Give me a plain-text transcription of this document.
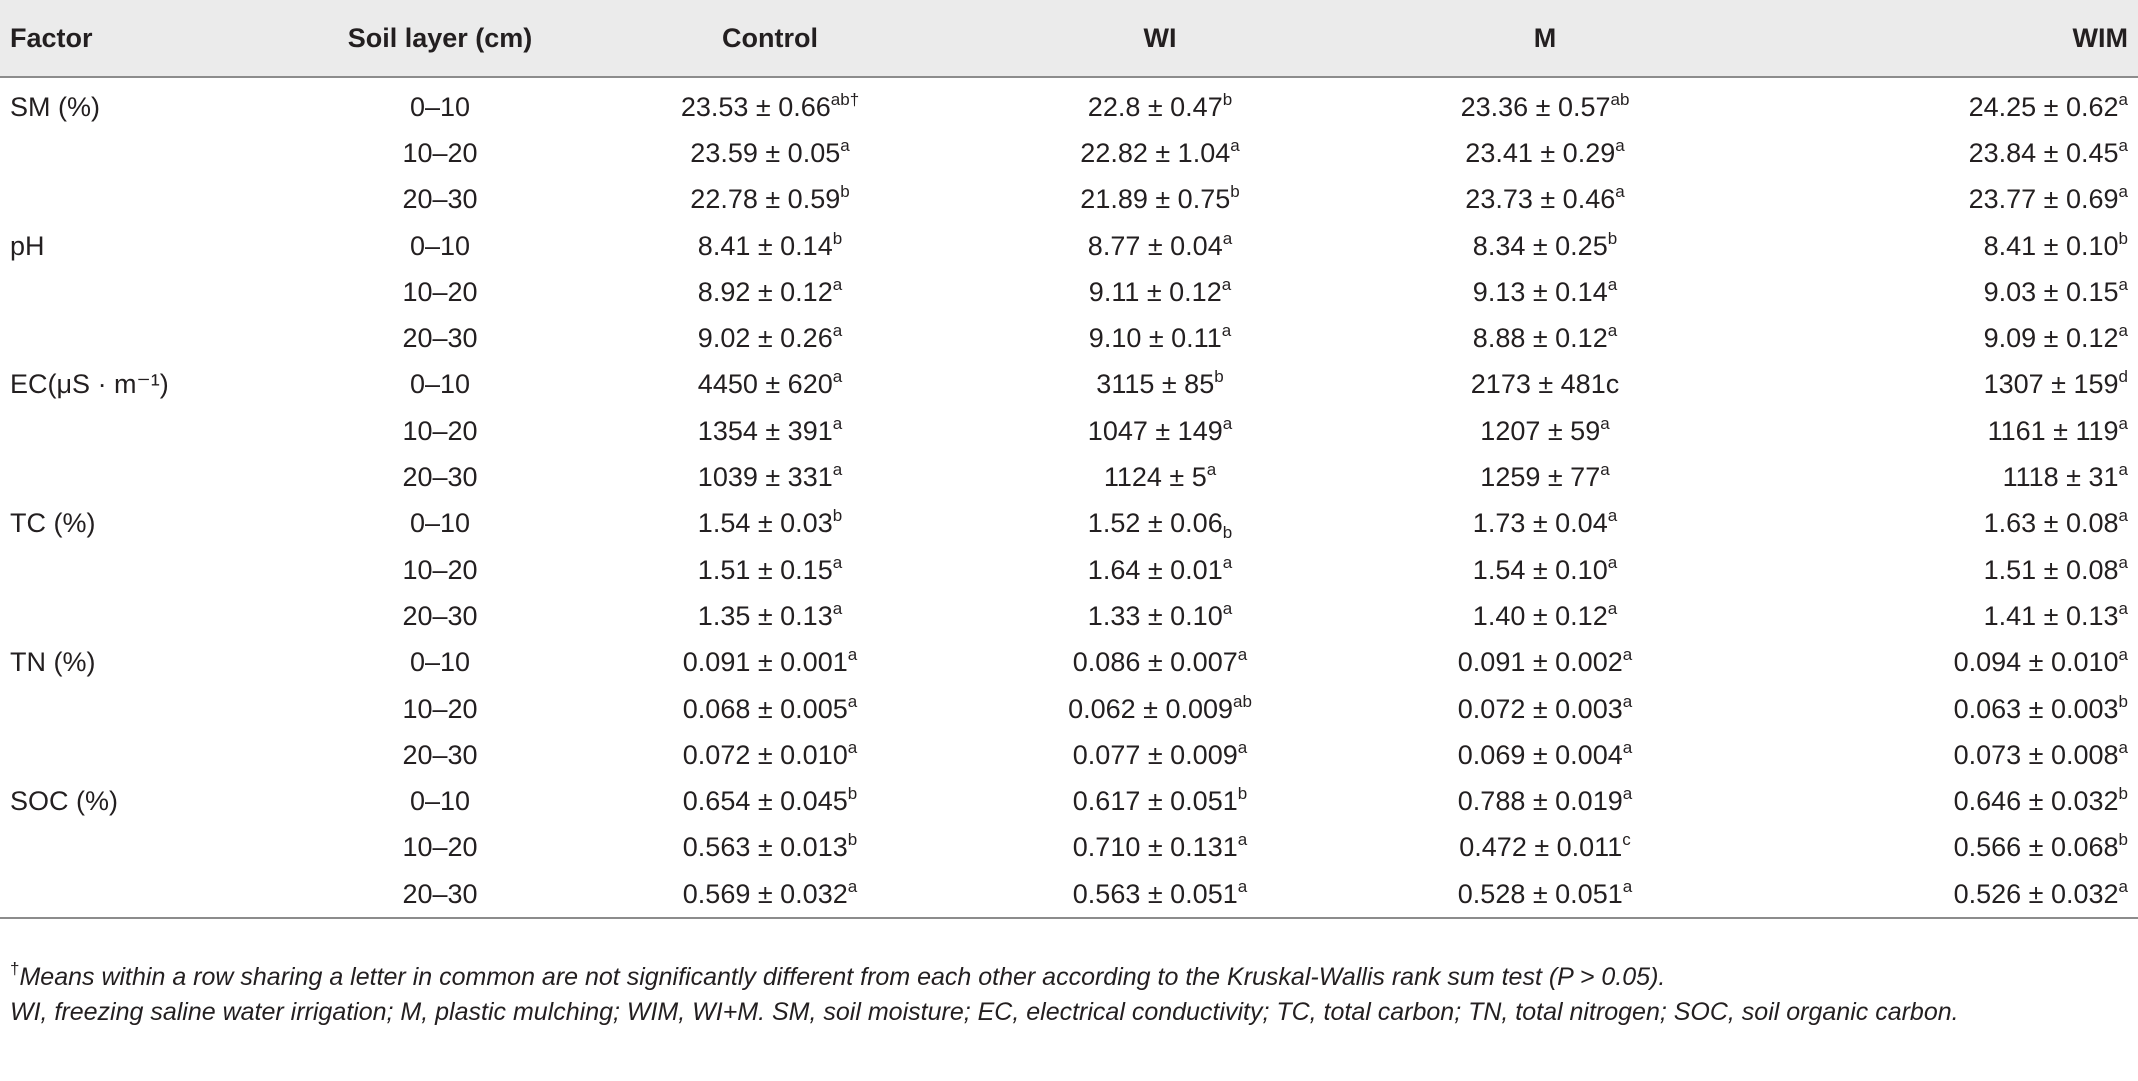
Factor	Soil layer (cm)	Control	WI	M	WIM
SM (%)	0–10	$23.53 \pm 0.66^{ab\dagger}$	22.8 ± 0.47$^b$	23.36 ± 0.57$^{ab}$	24.25 ± 0.62$^a$
	10–20	23.59 ± 0.05$^a$	22.82 ± 1.04$^a$	23.41 ± 0.29$^a$	23.84 ± 0.45$^a$
	20–30	22.78 ± 0.59$^b$	21.89 ± 0.75$^b$	23.73 ± 0.46$^a$	23.77 ± 0.69$^a$
pH	0–10	8.41 ± 0.14$^b$	8.77 ± 0.04$^a$	8.34 ± 0.25$^b$	8.41 ± 0.10$^b$
	10–20	8.92 ± 0.12$^a$	9.11 ± 0.12$^a$	9.13 ± 0.14$^a$	9.03 ± 0.15$^a$
	20–30	9.02 ± 0.26$^a$	9.10 ± 0.11$^a$	8.88 ± 0.12$^a$	9.09 ± 0.12$^a$
EC(μS · m⁻¹)	0–10	$4450 \pm 620^a$	$3115 \pm 85^b$	2173 ± 481c	$1307 \pm 159^d$
	10–20	$1354 \pm 391^a$	$1047 \pm 149^a$	$1207 \pm 59^a$	$1161 \pm 119^a$
	20–30	$1039 \pm 331^a$	$1124 \pm 5^a$	$1259 \pm 77^a$	$1118 \pm 31^a$
TC (%)	0–10	1.54 ± 0.03$^b$	$1.52 \pm 0.06_b$	1.73 ± 0.04$^a$	1.63 ± 0.08$^a$
	10–20	1.51 ± 0.15$^a$	1.64 ± 0.01$^a$	1.54 ± 0.10$^a$	1.51 ± 0.08$^a$
	20–30	1.35 ± 0.13$^a$	1.33 ± 0.10$^a$	1.40 ± 0.12$^a$	1.41 ± 0.13$^a$
TN (%)	0–10	0.091 ± 0.001$^a$	0.086 ± 0.007$^a$	0.091 ± 0.002$^a$	0.094 ± 0.010$^a$
	10–20	0.068 ± 0.005$^a$	0.062 ± 0.009$^{ab}$	0.072 ± 0.003$^a$	0.063 ± 0.003$^b$
	20–30	0.072 ± 0.010$^a$	0.077 ± 0.009$^a$	0.069 ± 0.004$^a$	0.073 ± 0.008$^a$
SOC (%)	0–10	0.654 ± 0.045$^b$	0.617 ± 0.051$^b$	0.788 ± 0.019$^a$	0.646 ± 0.032$^b$
	10–20	0.563 ± 0.013$^b$	0.710 ± 0.131$^a$	0.472 ± 0.011$^c$	0.566 ± 0.068$^b$
	20–30	0.569 ± 0.032$^a$	0.563 ± 0.051$^a$	0.528 ± 0.051$^a$	0.526 ± 0.032$^a$

†Means within a row sharing a letter in common are not significantly different from each other according to the Kruskal-Wallis rank sum test (P > 0.05).

WI, freezing saline water irrigation; M, plastic mulching; WIM, WI+M. SM, soil moisture; EC, electrical conductivity; TC, total carbon; TN, total nitrogen; SOC, soil organic carbon.
